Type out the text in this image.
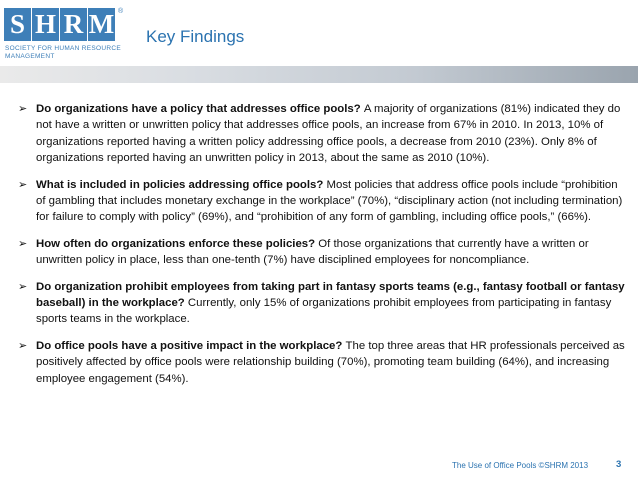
S H R M ®
SOCIETY FOR HUMAN RESOURCE MANAGEMENT
Key Findings
➢ Do organizations have a policy that addresses office pools? A majority of organizations (81%) indicated they do not have a written or unwritten policy that addresses office pools, an increase from 67% in 2010. In 2013, 10% of organizations reported having a written policy addressing office pools, a decrease from 2010 (23%). Only 8% of organizations reported having an unwritten policy in 2013, about the same as 2010 (10%).
➢ What is included in policies addressing office pools? Most policies that address office pools include “prohibition of gambling that includes monetary exchange in the workplace” (70%), “disciplinary action (not including termination) for failure to comply with policy” (69%), and “prohibition of any form of gambling, including office pools,” (66%).
➢ How often do organizations enforce these policies? Of those organizations that currently have a written or unwritten policy in place, less than one-tenth (7%) have disciplined employees for noncompliance.
➢ Do organization prohibit employees from taking part in fantasy sports teams (e.g., fantasy football or fantasy baseball) in the workplace? Currently, only 15% of organizations prohibit employees from participating in fantasy sports teams in the workplace.
➢ Do office pools have a positive impact in the workplace? The top three areas that HR professionals perceived as positively affected by office pools were relationship building (70%), promoting team building (64%), and increasing employee engagement (54%).
The Use of Office Pools ©SHRM 2013	3
